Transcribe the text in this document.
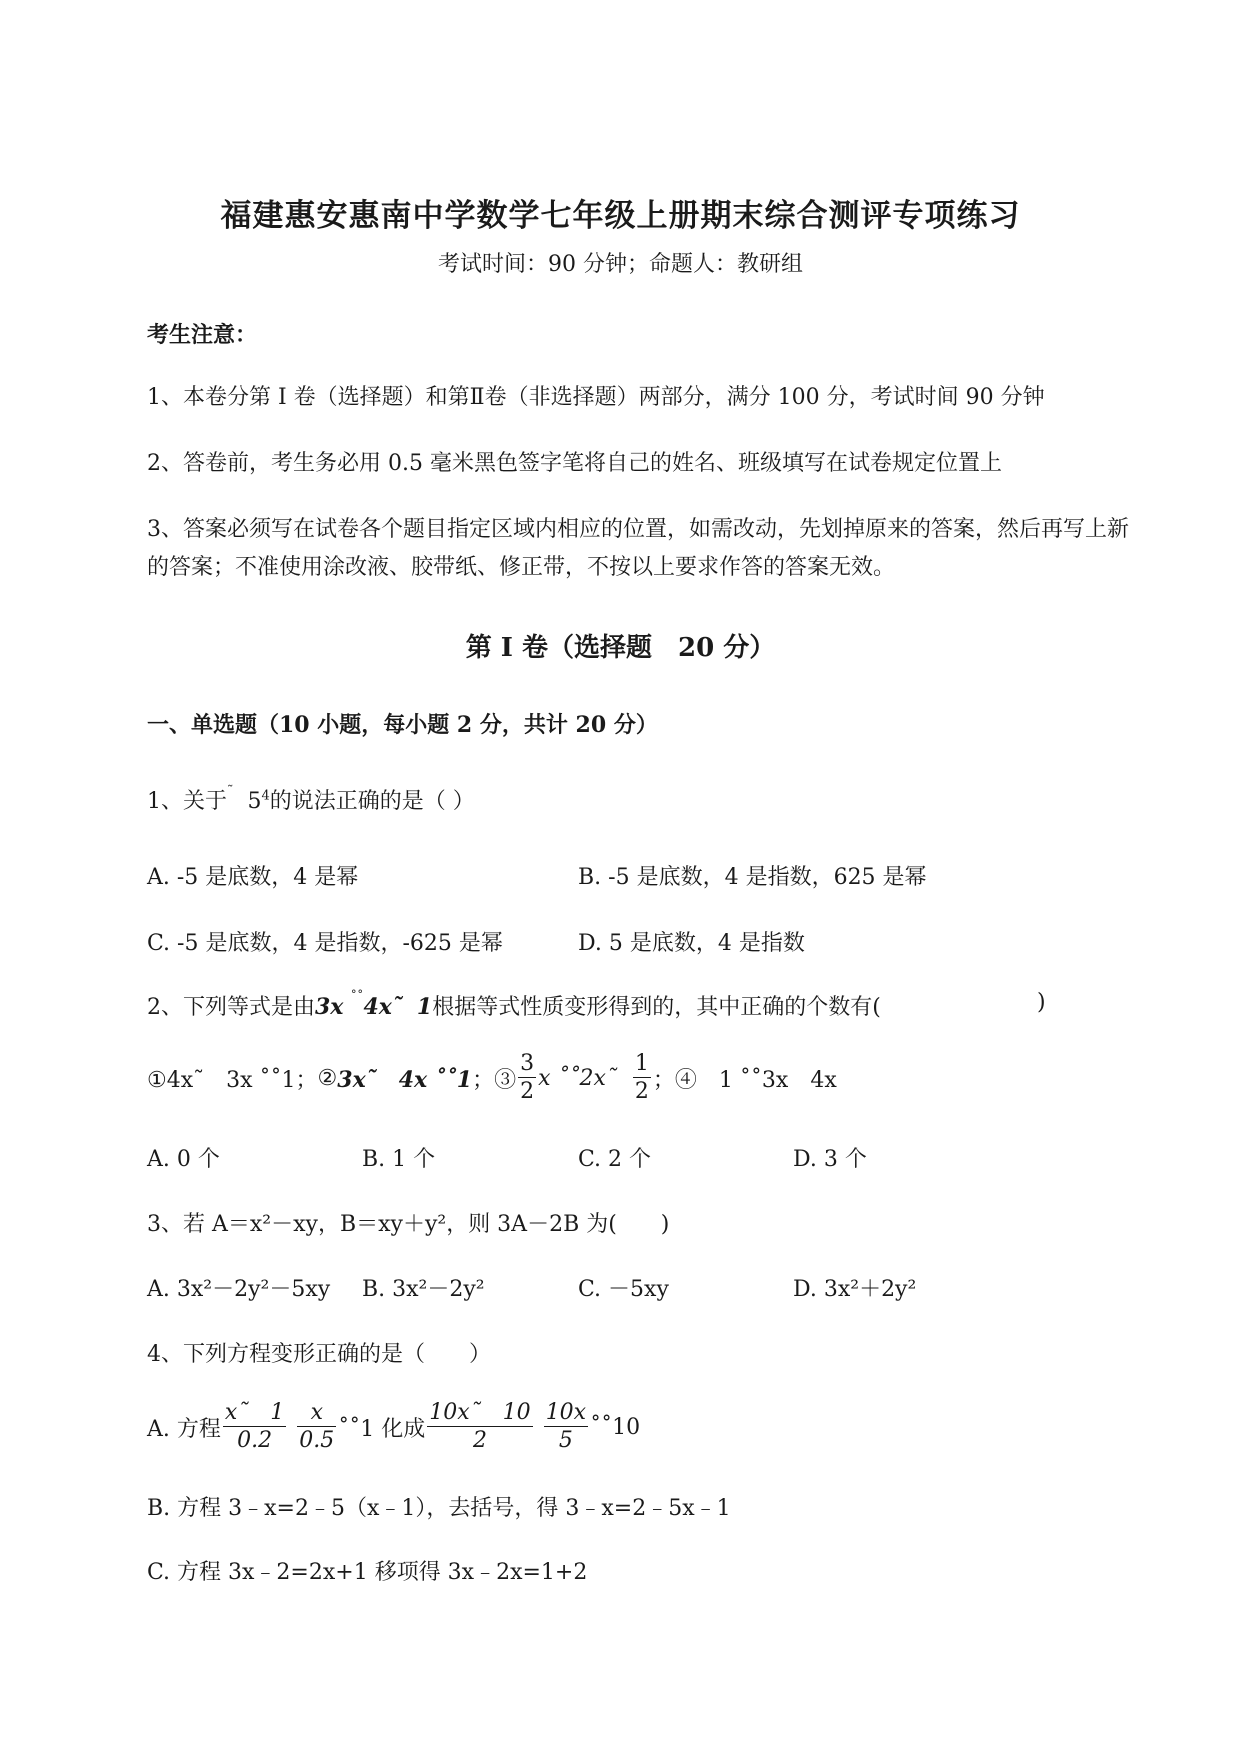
福建惠安惠南中学数学七年级上册期末综合测评专项练习
考试时间：90 分钟；命题人：教研组
考生注意：
1、本卷分第 I 卷（选择题）和第Ⅱ卷（非选择题）两部分，满分 100 分，考试时间 90 分钟
2、答卷前，考生务必用 0.5 毫米黑色签字笔将自己的姓名、班级填写在试卷规定位置上
3、答案必须写在试卷各个题目指定区域内相应的位置，如需改动，先划掉原来的答案，然后再写上新
的答案；不准使用涂改液、胶带纸、修正带，不按以上要求作答的答案无效。
第 I 卷（选择题　20 分）
一、单选题（10 小题，每小题 2 分，共计 20 分）
1、关于˜ $5^4$的说法正确的是（ ）
A. -5 是底数，4 是幂	B. -5 是底数，4 是指数，625 是幂
C. -5 是底数，4 是指数，-625 是幂	D. 5 是底数，4 是指数
2、下列等式是由3x ˚˚4x˜ 1根据等式性质变形得到的，其中正确的个数有(	)
①4x˜　3x ˚˚1； ② 3x˜　4x ˚˚1 ；③ $\frac{3}{2}$ x ˚˚2x˜
$\frac{1}{2}$ ；④　1 ˚˚3x　4x
A. 0 个	B. 1 个	C. 2 个	D. 3 个
3、若 A＝x²－xy，B＝xy＋y²，则 3A－2B 为(　　)
A. 3x²－2y²－5xy B. 3x²－2y²	C. －5xy	D. 3x²＋2y²
4、下列方程变形正确的是（　　）
A. 方程 $\frac{x˜ 1}{0.2}$
$\frac{x}{0.5}$ ˚˚1 化成 $\frac{10x˜ 10}{2}$
$\frac{10x}{5}$ ˚˚10
B. 方程 3﹣x=2﹣5（x﹣1），去括号，得 3﹣x=2﹣5x﹣1
C. 方程 3x﹣2=2x+1 移项得 3x﹣2x=1+2
